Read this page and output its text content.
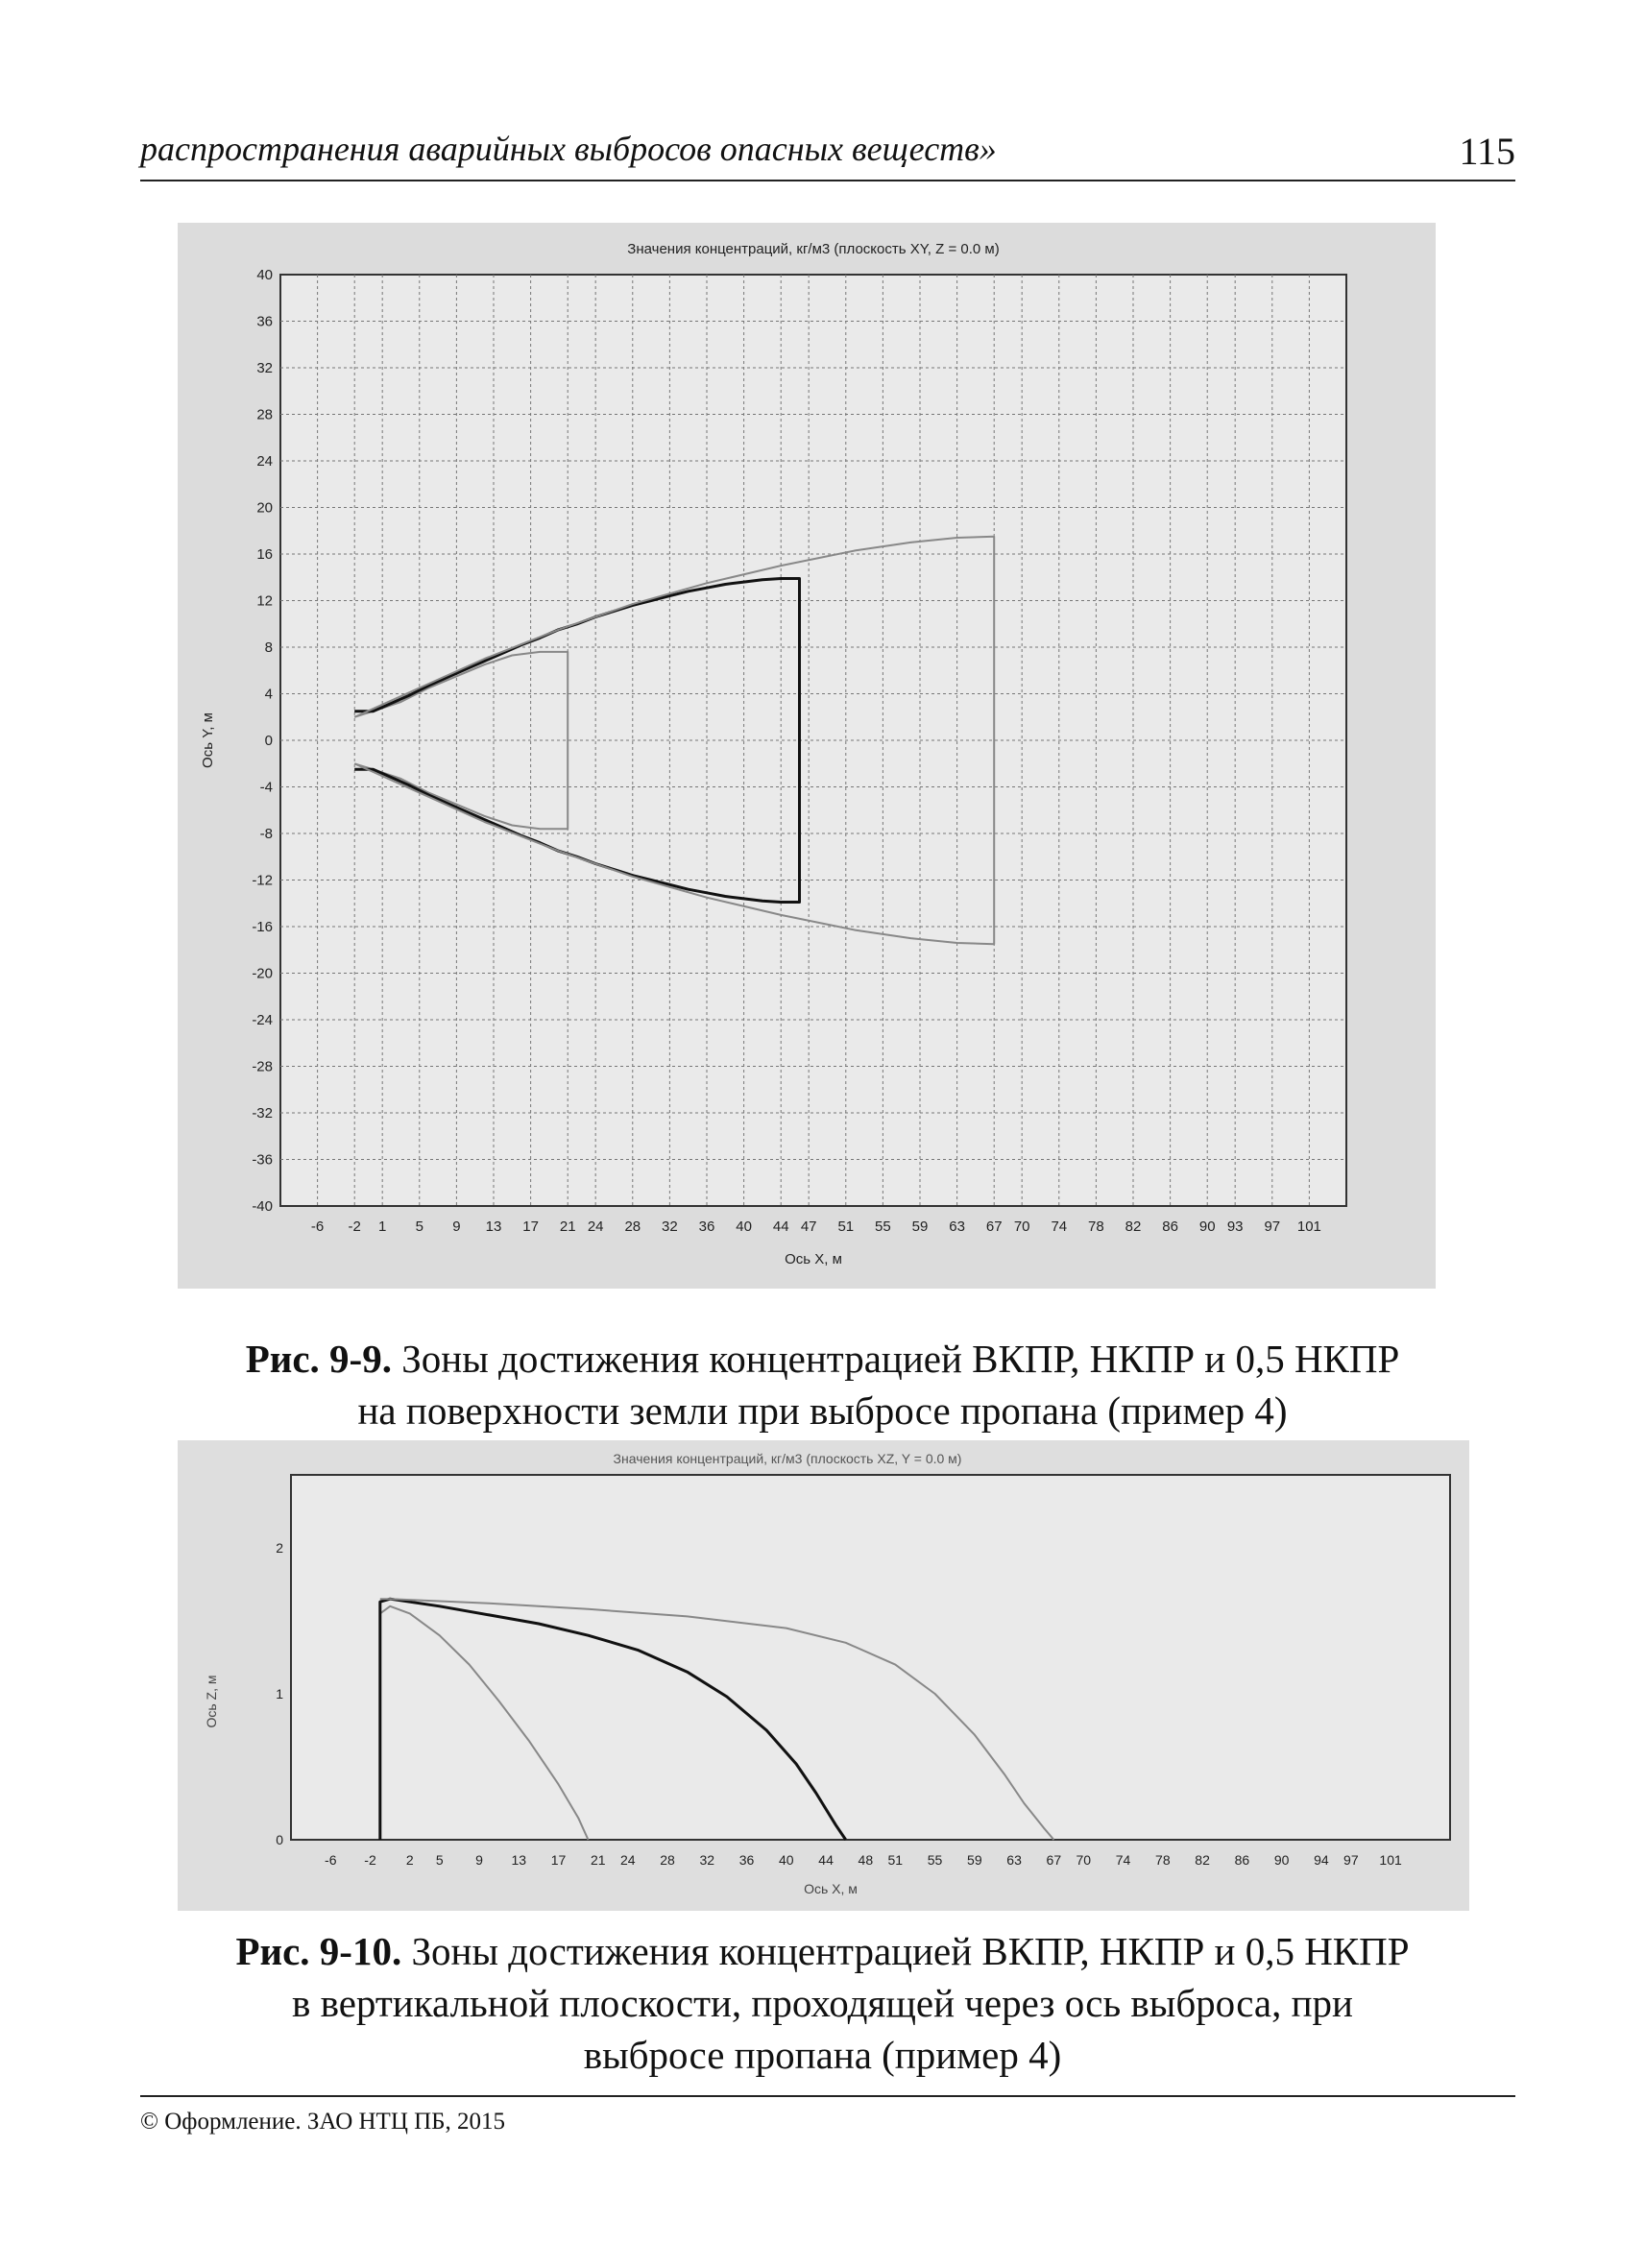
распространения аварийных выбросов опасных веществ»	115
40
36
32
28
24
20
16
12
8
4
0
-4
-8
-12
-16
-20
-24
-28
-32
-36
-40
-6 -2 1 5 9 13 17 21 24 28 32 36 40 44 47 51 55 59 63 67 70 74 78 82 86 90 93 97 101
Значения концентраций, кг/м3 (плоскость XY, Z = 0.0 м)
Ось X, м
Ось Y, м
Рис. 9-9. Зоны достижения концентрацией ВКПР, НКПР и 0,5 НКПР
на поверхности земли при выбросе пропана (пример 4)
2
1
0
-6 -2 2 5 9 13 17 21 24 28 32 36 40 44 48 51 55 59 63 67 70 74 78 82 86 90 94 97 101
Значения концентраций, кг/м3 (плоскость XZ, Y = 0.0 м)
Ось X, м
Ось Z, м
Рис. 9-10. Зоны достижения концентрацией ВКПР, НКПР и 0,5 НКПР
в вертикальной плоскости, проходящей через ось выброса, при
выбросе пропана (пример 4)
© Оформление. ЗАО НТЦ ПБ, 2015
